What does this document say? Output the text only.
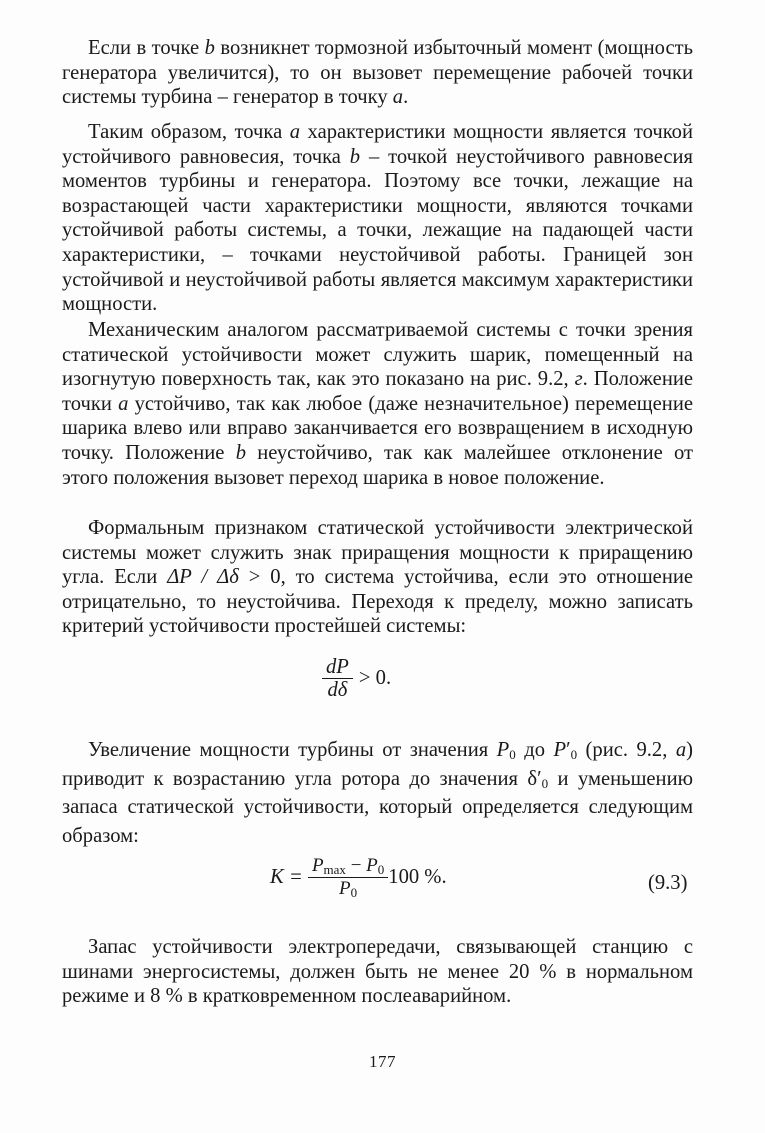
Если в точке b возникнет тормозной избыточный момент (мощность генератора увеличится), то он вызовет перемещение рабочей точки системы турбина – генератор в точку a.

Таким образом, точка a характеристики мощности является точкой устойчивого равновесия, точка b – точкой неустойчивого равновесия моментов турбины и генератора. Поэтому все точки, лежащие на возрастающей части характеристики мощности, являются точками устойчивой работы системы, а точки, лежащие на падающей части характеристики, – точками неустойчивой работы. Границей зон устойчивой и неустойчивой работы является максимум характеристики мощности.

Механическим аналогом рассматриваемой системы с точки зрения статической устойчивости может служить шарик, помещенный на изогнутую поверхность так, как это показано на рис. 9.2, г. Положение точки a устойчиво, так как любое (даже незначительное) перемещение шарика влево или вправо заканчивается его возвращением в исходную точку. Положение b неустойчиво, так как малейшее отклонение от этого положения вызовет переход шарика в новое положение.

Формальным признаком статической устойчивости электрической системы может служить знак приращения мощности к приращению угла. Если ΔP / Δδ > 0, то система устойчива, если это отношение отрицательно, то неустойчива. Переходя к пределу, можно записать критерий устойчивости простейшей системы:

$\frac{dP}{d\delta} > 0$.

Увеличение мощности турбины от значения $P_0$ до $P'_0$ (рис. 9.2, a) приводит к возрастанию угла ротора до значения $\delta'_0$ и уменьшению запаса статической устойчивости, который определяется следующим образом:

$K = \frac{P_{max} - P_0}{P_0} 100$ %.	(9.3)

Запас устойчивости электропередачи, связывающей станцию с шинами энергосистемы, должен быть не менее 20 % в нормальном режиме и 8 % в кратковременном послеаварийном.

177
